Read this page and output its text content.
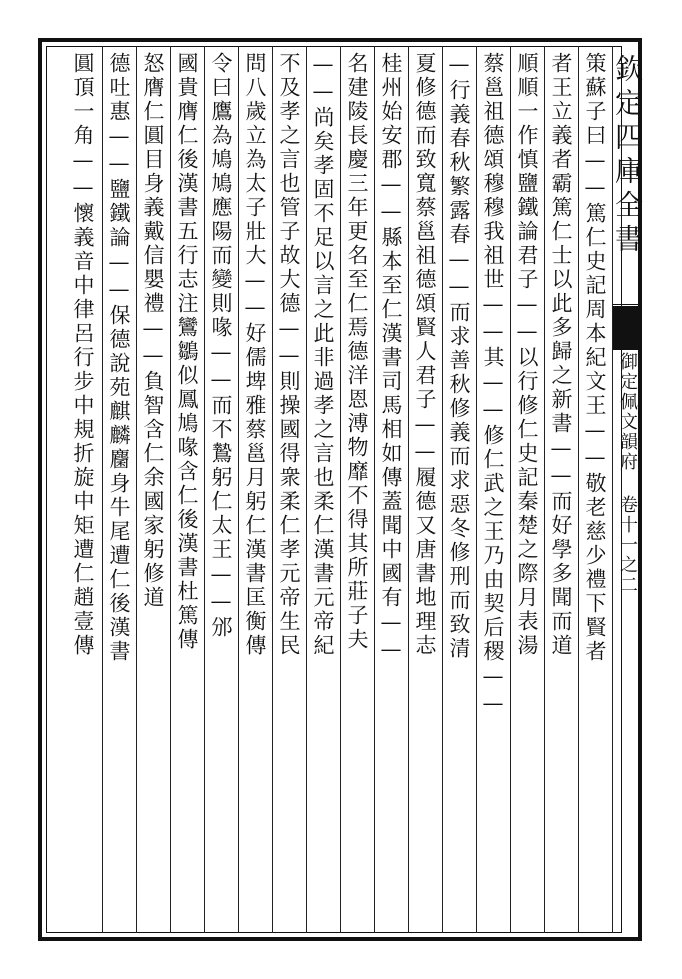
欽定四庫全書
御定佩文韻府 卷十一之二
策蘇子曰——篤仁史記周本紀文王——敬老慈少禮下賢者
者王立義者霸篤仁士以此多歸之新書——而好學多聞而道
順順一作慎鹽鐵論君子——以行修仁史記秦楚之際月表湯
蔡邕祖德頌穆穆我祖世——其——修仁武之王乃由契后稷——
—行義春秋繁露春——而求善秋修義而求惡冬修刑而致清
夏修德而致寬蔡邕祖德頌賢人君子——履德又唐書地理志
桂州始安郡——縣本至仁漢書司馬相如傳蓋聞中國有——
名建陵長慶三年更名至仁焉德洋恩溥物靡不得其所莊子夫
——尚矣孝固不足以言之此非過孝之言也柔仁漢書元帝紀
不及孝之言也管子故大德——則操國得衆柔仁孝元帝生民
問八歲立為太子壯大——好儒埤雅蔡邕月躬仁漢書匡衡傳
令曰鷹為鳩鳩應陽而變則喙——而不鷙躬仁太王——邠
國貴膺仁後漢書五行志注鸞鶵似鳳鳩喙含仁後漢書杜篤傳
怒膺仁圓目身義戴信嬰禮——負智含仁余國家躬修道
德吐惠——鹽鐵論——保德說苑麒麟麕身牛尾遭仁後漢書
圓頂一角——懷義音中律呂行步中規折旋中矩遭仁趙壹傳
